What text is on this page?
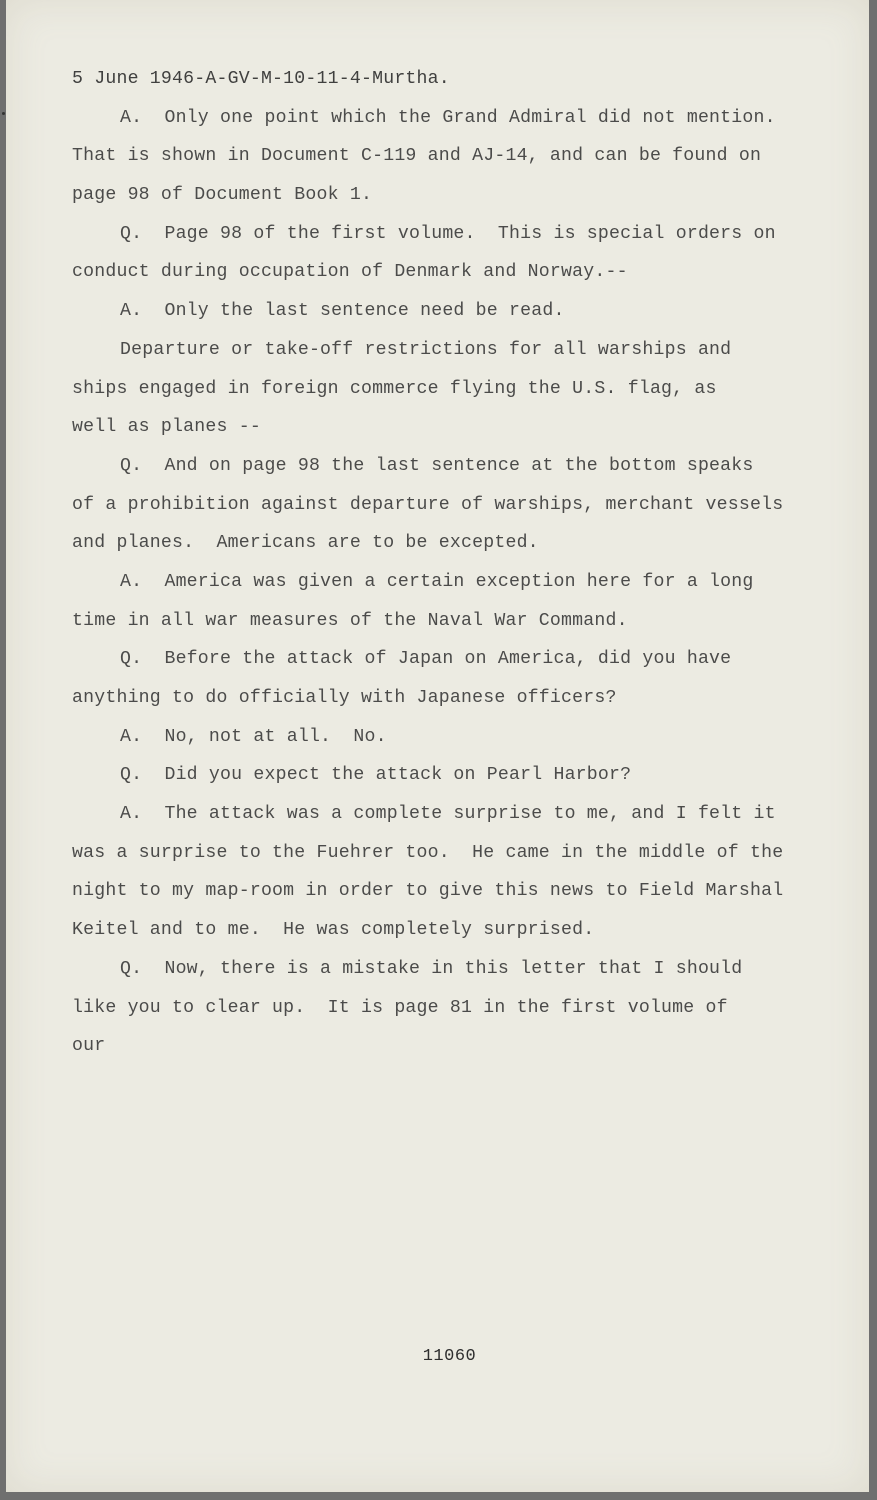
5 June 1946-A-GV-M-10-11-4-Murtha.
A.  Only one point which the Grand Admiral did not mention.
That is shown in Document C-119 and AJ-14, and can be found on
page 98 of Document Book 1.
Q.  Page 98 of the first volume.  This is special orders on
conduct during occupation of Denmark and Norway.--
A.  Only the last sentence need be read.
Departure or take-off restrictions for all warships and
ships engaged in foreign commerce flying the U.S. flag, as
well as planes --
Q.  And on page 98 the last sentence at the bottom speaks
of a prohibition against departure of warships, merchant vessels
and planes.  Americans are to be excepted.
A.  America was given a certain exception here for a long
time in all war measures of the Naval War Command.
Q.  Before the attack of Japan on America, did you have
anything to do officially with Japanese officers?
A.  No, not at all.  No.
Q.  Did you expect the attack on Pearl Harbor?
A.  The attack was a complete surprise to me, and I felt it
was a surprise to the Fuehrer too.  He came in the middle of the
night to my map-room in order to give this news to Field Marshal
Keitel and to me.  He was completely surprised.
Q.  Now, there is a mistake in this letter that I should
like you to clear up.  It is page 81 in the first volume of
our
11060
